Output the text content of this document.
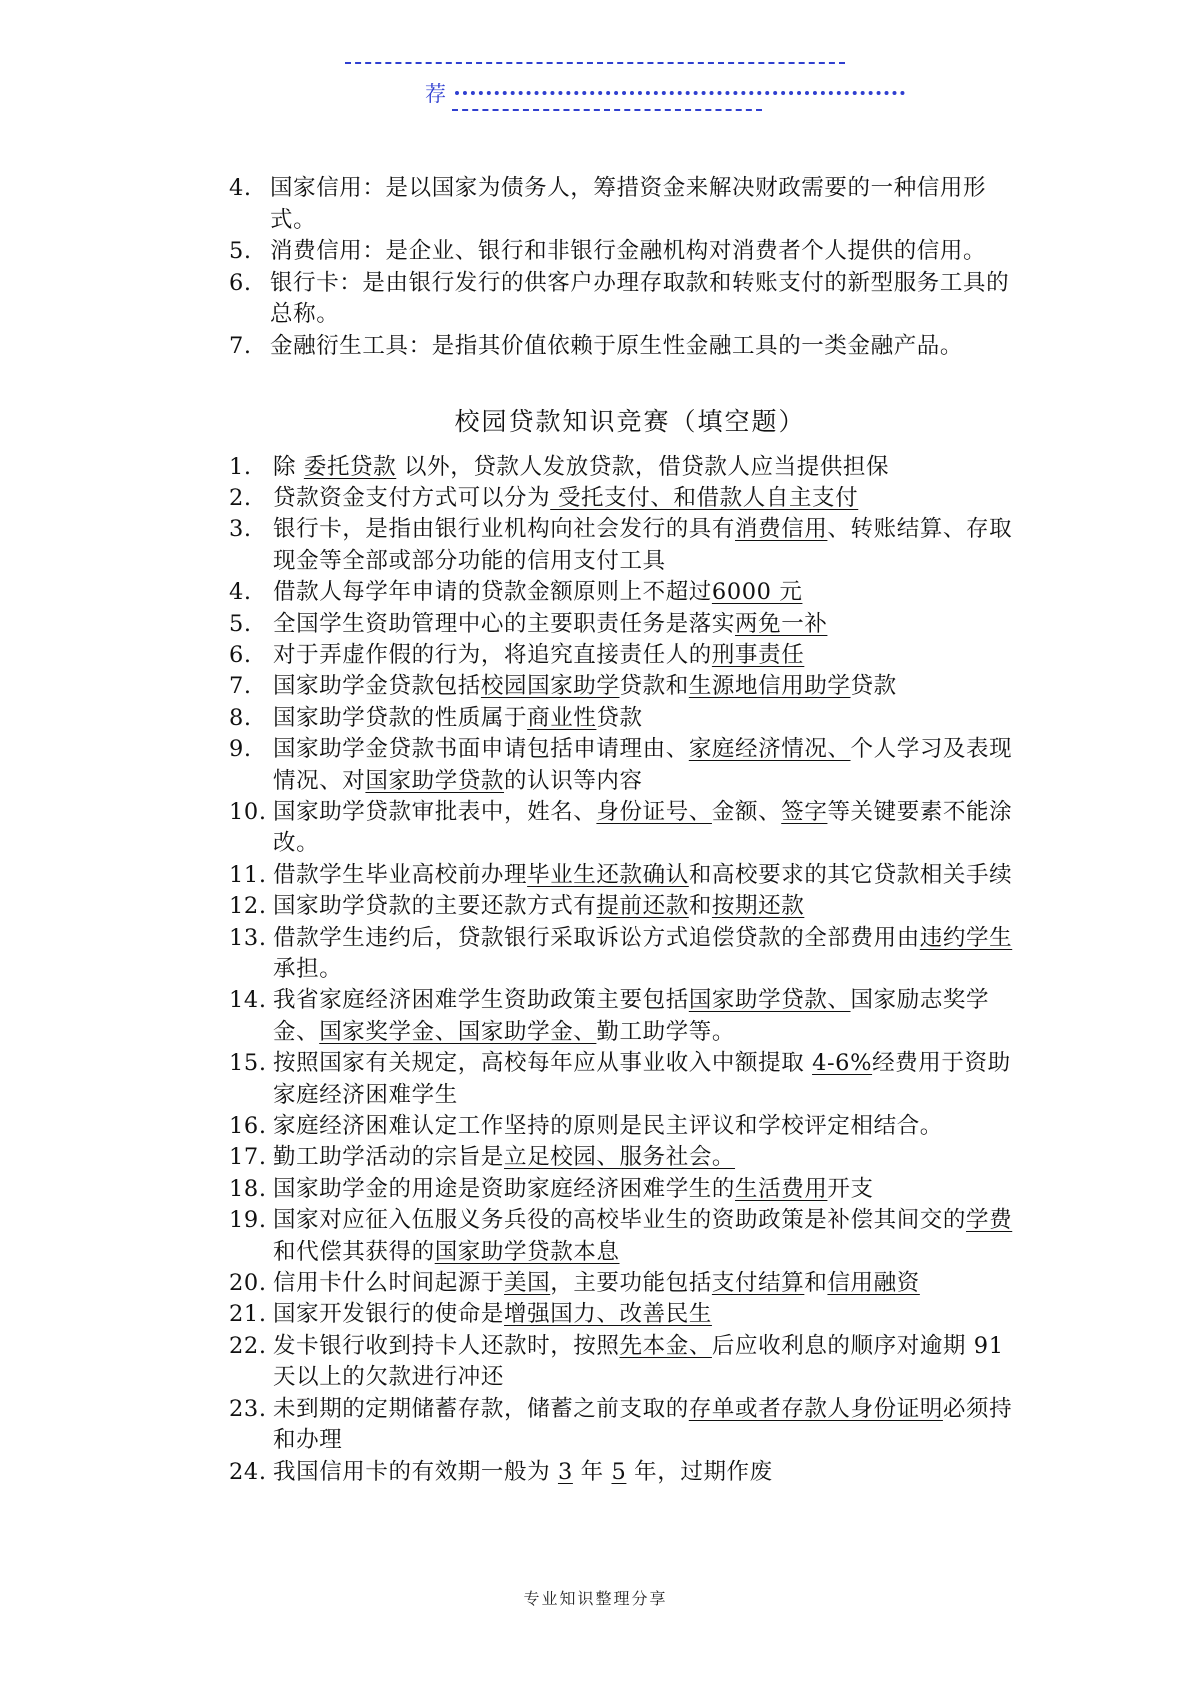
荐
4. 国家信用：是以国家为债务人，筹措资金来解决财政需要的一种信用形式。
5. 消费信用：是企业、银行和非银行金融机构对消费者个人提供的信用。
6. 银行卡：是由银行发行的供客户办理存取款和转账支付的新型服务工具的总称。
7. 金融衍生工具：是指其价值依赖于原生性金融工具的一类金融产品。
校园贷款知识竞赛（填空题）
1. 除 委托贷款 以外，贷款人发放贷款，借贷款人应当提供担保
2. 贷款资金支付方式可以分为 受托支付、和借款人自主支付
3. 银行卡，是指由银行业机构向社会发行的具有消费信用、转账结算、存取现金等全部或部分功能的信用支付工具
4. 借款人每学年申请的贷款金额原则上不超过6000 元
5. 全国学生资助管理中心的主要职责任务是落实两免一补
6. 对于弄虚作假的行为，将追究直接责任人的刑事责任
7. 国家助学金贷款包括校园国家助学贷款和生源地信用助学贷款
8. 国家助学贷款的性质属于商业性贷款
9. 国家助学金贷款书面申请包括申请理由、家庭经济情况、个人学习及表现情况、对国家助学贷款的认识等内容
10. 国家助学贷款审批表中，姓名、身份证号、金额、签字等关键要素不能涂改。
11. 借款学生毕业高校前办理毕业生还款确认和高校要求的其它贷款相关手续
12. 国家助学贷款的主要还款方式有提前还款和按期还款
13. 借款学生违约后，贷款银行采取诉讼方式追偿贷款的全部费用由违约学生承担。
14. 我省家庭经济困难学生资助政策主要包括国家助学贷款、国家励志奖学金、国家奖学金、国家助学金、勤工助学等。
15. 按照国家有关规定，高校每年应从事业收入中额提取 4-6%经费用于资助家庭经济困难学生
16. 家庭经济困难认定工作坚持的原则是民主评议和学校评定相结合。
17. 勤工助学活动的宗旨是立足校园、服务社会。
18. 国家助学金的用途是资助家庭经济困难学生的生活费用开支
19. 国家对应征入伍服义务兵役的高校毕业生的资助政策是补偿其间交的学费和代偿其获得的国家助学贷款本息
20. 信用卡什么时间起源于美国，主要功能包括支付结算和信用融资
21. 国家开发银行的使命是增强国力、改善民生
22. 发卡银行收到持卡人还款时，按照先本金、后应收利息的顺序对逾期 91 天以上的欠款进行冲还
23. 未到期的定期储蓄存款，储蓄之前支取的存单或者存款人身份证明必须持和办理
24. 我国信用卡的有效期一般为 3 年 5 年，过期作废
专业知识整理分享
